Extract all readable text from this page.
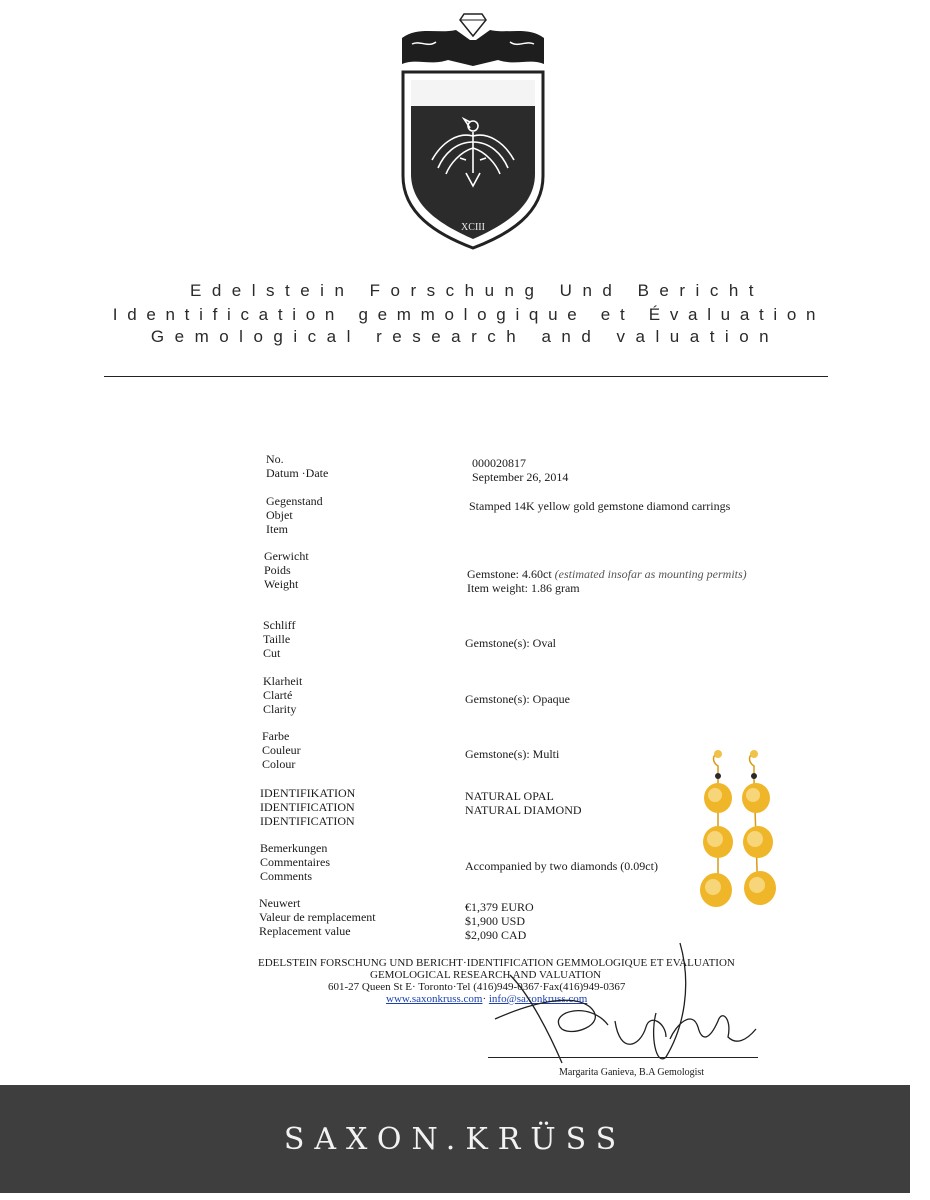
XCIII
Edelstein Forschung Und Bericht
Identification gemmologique et Évaluation
Gemological research and valuation
No.
Datum ·Date
000020817
September 26, 2014
Gegenstand
Objet
Item
Stamped 14K yellow gold gemstone diamond carrings
Gerwicht
Poids
Weight
Gemstone: 4.60ct (estimated insofar as mounting permits)
Item weight: 1.86 gram
Schliff
Taille
Cut
Gemstone(s): Oval
Klarheit
Clarté
Clarity
Gemstone(s): Opaque
Farbe
Couleur
Colour
Gemstone(s): Multi
IDENTIFIKATION
IDENTIFICATION
IDENTIFICATION
NATURAL OPAL
NATURAL DIAMOND
Bemerkungen
Commentaires
Comments
Accompanied by two diamonds (0.09ct)
Neuwert
Valeur de remplacement
Replacement value
€1,379 EURO
$1,900 USD
$2,090 CAD
EDELSTEIN FORSCHUNG UND BERICHT·IDENTIFICATION GEMMOLOGIQUE ET EVALUATION
GEMOLOGICAL RESEARCH AND VALUATION
601-27 Queen St E· Toronto·Tel (416)949-0367·Fax(416)949-0367
www.saxonkruss.com· info@saxonkruss.com
Margarita Ganieva, B.A Gemologist
SAXON.KRÜSS
